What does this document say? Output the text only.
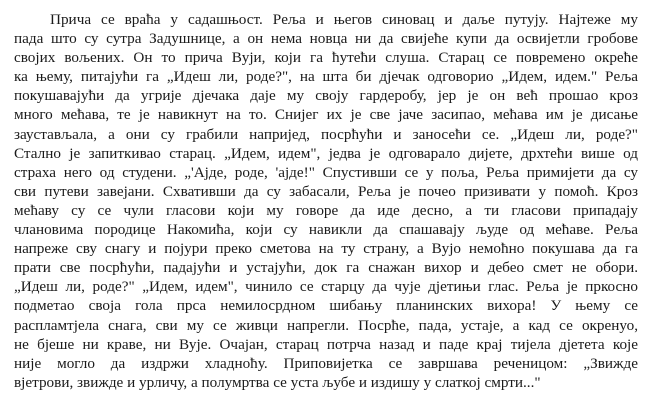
Прича се враћа у садашњост. Рeља и његов синовац и даље путују. Најтеже му
пада што су сутра Задушнице, а он нема новца ни да свијеће купи да освијетли гробове
својих вољених. Он то прича Вуји, који га ћутећи слуша. Старац се повремено окреће
ка њему, питајући га „Идеш ли, роде?", на шта би дјечак одговорио „Идем, идем." Рeља
покушавајући да угрије дјечака даје му своју гардеробу, јер је он већ прошао кроз
много мећава, те је навикнут на то. Снијег их је све јаче засипао, мећава им је дисање
заустављала, а они су грабили напријед, посрћући и заносећи се. „Идеш ли, роде?"
Стално је запиткивао старац. „Идем, идем", једва је одговарало дијете, дрхтећи више од
страха него од студени. „'Ајде, роде, 'ајде!" Спустивши се у поља, Рeља примијети да су
сви путеви завејани. Схвативши да су забасали, Рeља је почео призивати у помоћ. Кроз
мећаву су се чули гласови који му говоре да иде десно, а ти гласови припадају
члановима породице Накомића, који су навикли да спашавају људе од мећаве. Рeља
напреже сву снагу и појури преко сметова на ту страну, а Вујо немоћно покушава да га
прати све посрћући, падајући и устајући, док га снажан вихор и дебео смет не обори.
„Идеш ли, роде?" „Идем, идем", чинило се старцу да чује дјетињи глас. Рeља је пркосно
подметао своја гола прса немилосрдном шибању планинских вихора! У њему се
распламтјела снага, сви му се живци напрегли. Посрће, пада, устаје, а кад се окренуо,
не бјеше ни краве, ни Вује. Очајан, старац потрча назад и паде крај тијела дјетета које
није могло да издржи хладноћу. Приповијетка се завршава реченицом: „Звижде
вјетрови, звижде и урличу, а полумртва се уста љубе и издишу у слаткој смрти..."
